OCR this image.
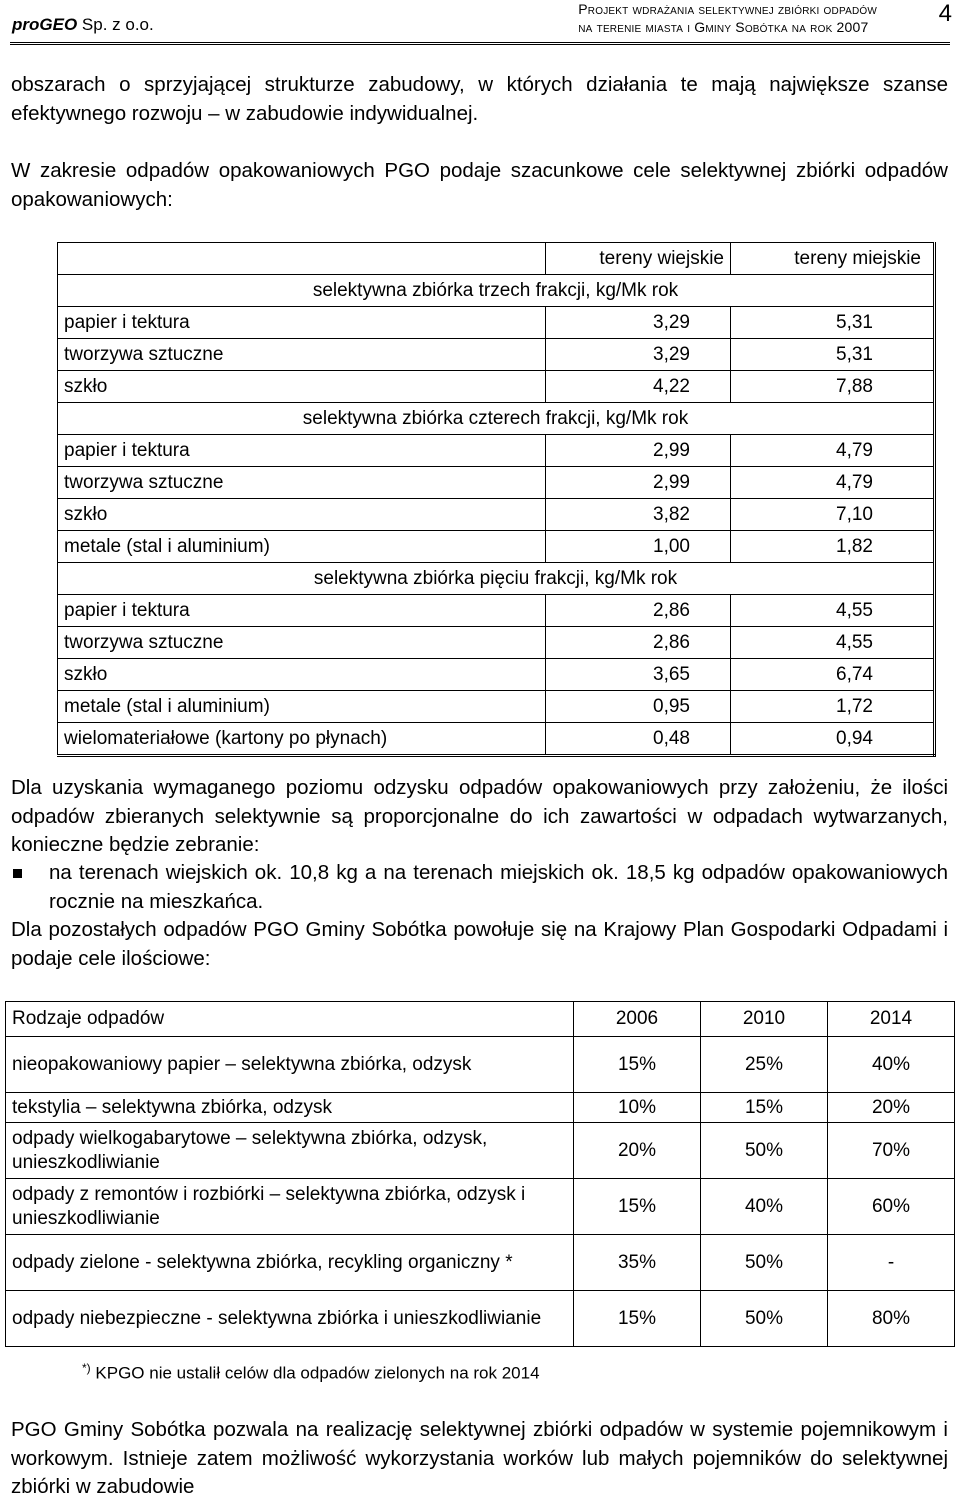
proGEO Sp. z o.o.
Projekt wdrażania selektywnej zbiórki odpadów
na terenie miasta i Gminy Sobótka na rok 2007	4
obszarach o sprzyjającej strukturze zabudowy, w których działania te mają największe szanse efektywnego rozwoju – w zabudowie indywidualnej.
W zakresie odpadów opakowaniowych PGO podaje szacunkowe cele selektywnej zbiórki odpadów opakowaniowych:
	tereny wiejskie	tereny miejskie
selektywna zbiórka trzech frakcji, kg/Mk rok		
papier i tektura	3,29	5,31
tworzywa sztuczne	3,29	5,31
szkło	4,22	7,88
selektywna zbiórka czterech frakcji, kg/Mk rok		
papier i tektura	2,99	4,79
tworzywa sztuczne	2,99	4,79
szkło	3,82	7,10
metale (stal i aluminium)	1,00	1,82
selektywna zbiórka pięciu frakcji, kg/Mk rok		
papier i tektura	2,86	4,55
tworzywa sztuczne	2,86	4,55
szkło	3,65	6,74
metale (stal i aluminium)	0,95	1,72
wielomateriałowe (kartony po płynach)	0,48	0,94
Dla uzyskania wymaganego poziomu odzysku odpadów opakowaniowych przy założeniu, że ilości odpadów zbieranych selektywnie są proporcjonalne do ich zawartości w odpadach wytwarzanych, konieczne będzie zebranie:
na terenach wiejskich ok. 10,8 kg a na terenach miejskich ok. 18,5 kg odpadów opakowaniowych rocznie na mieszkańca.
Dla pozostałych odpadów PGO Gminy Sobótka powołuje się na Krajowy Plan Gospodarki Odpadami i podaje cele ilościowe:
Rodzaje odpadów	2006	2010	2014
nieopakowaniowy papier – selektywna zbiórka, odzysk	15%	25%	40%
tekstylia – selektywna zbiórka, odzysk	10%	15%	20%
odpady wielkogabarytowe – selektywna zbiórka, odzysk, unieszkodliwianie	20%	50%	70%
odpady z remontów i rozbiórki – selektywna zbiórka, odzysk i unieszkodliwianie	15%	40%	60%
odpady zielone - selektywna zbiórka, recykling organiczny *	35%	50%	-
odpady niebezpieczne - selektywna zbiórka i unieszkodliwianie	15%	50%	80%
*) KPGO nie ustalił celów dla odpadów zielonych na rok 2014
PGO Gminy Sobótka pozwala na realizację selektywnej zbiórki odpadów w systemie pojemnikowym i workowym. Istnieje zatem możliwość wykorzystania worków lub małych pojemników do selektywnej zbiórki w zabudowie
